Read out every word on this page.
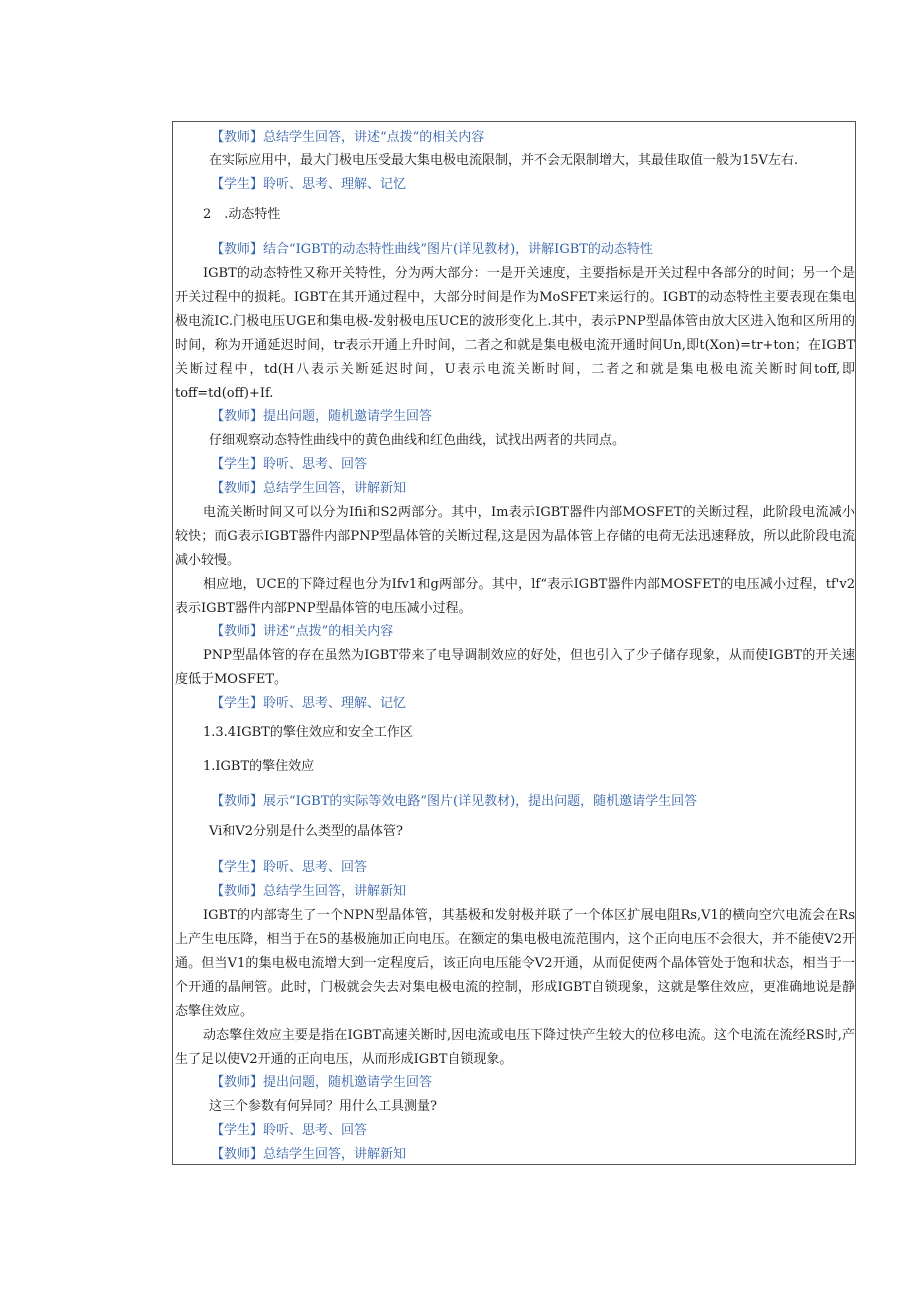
【教师】总结学生回答，讲述“点拨”的相关内容
在实际应用中，最大门极电压受最大集电极电流限制，并不会无限制增大，其最佳取值一般为15V左右.
【学生】聆听、思考、理解、记忆
2　.动态特性
【教师】结合“IGBT的动态特性曲线”图片(详见教材)，讲解IGBT的动态特性
IGBT的动态特性又称开关特性，分为两大部分：一是开关速度，主要指标是开关过程中各部分的时间；另一个是开关过程中的损耗。IGBT在其开通过程中，大部分时间是作为MoSFET来运行的。IGBT的动态特性主要表现在集电极电流IC.门极电压UGE和集电极-发射极电压UCE的波形变化上.其中，表示PNP型晶体管由放大区进入饱和区所用的时间，称为开通延迟时间，tr表示开通上升时间，二者之和就是集电极电流开通时间Un,即t(Xon)=tr+ton；在IGBT关断过程中，td(H八表示关断延迟时间，U表示电流关断时间，二者之和就是集电极电流关断时间toff,即toff=td(off)+If.
【教师】提出问题，随机邀请学生回答
仔细观察动态特性曲线中的黄色曲线和红色曲线，试找出两者的共同点。
【学生】聆听、思考、回答
【教师】总结学生回答，讲解新知
电流关断时间又可以分为Ifii和S2两部分。其中，Im表示IGBT器件内部MOSFET的关断过程，此阶段电流减小较快；而G表示IGBT器件内部PNP型晶体管的关断过程,这是因为晶体管上存储的电荷无法迅速释放，所以此阶段电流减小较慢。
相应地，UCE的下降过程也分为Ifv1和g两部分。其中，lf“表示IGBT器件内部MOSFET的电压减小过程，tf'v2表示IGBT器件内部PNP型晶体管的电压减小过程。
【教师】讲述“点拨”的相关内容
PNP型晶体管的存在虽然为IGBT带来了电导调制效应的好处，但也引入了少子储存现象，从而使IGBT的开关速度低于MOSFET。
【学生】聆听、思考、理解、记忆
1.3.4IGBT的擎住效应和安全工作区
1.IGBT的擎住效应
【教师】展示“IGBT的实际等效电路”图片(详见教材)，提出问题，随机邀请学生回答
Vi和V2分别是什么类型的晶体管?
【学生】聆听、思考、回答
【教师】总结学生回答，讲解新知
IGBT的内部寄生了一个NPN型晶体管，其基极和发射极并联了一个体区扩展电阻Rs,V1的横向空穴电流会在Rs上产生电压降，相当于在5的基极施加正向电压。在额定的集电极电流范围内，这个正向电压不会很大，并不能使V2开通。但当V1的集电极电流增大到一定程度后，该正向电压能令V2开通，从而促使两个晶体管处于饱和状态，相当于一个开通的晶闸管。此时，门极就会失去对集电极电流的控制，形成IGBT自锁现象，这就是擎住效应，更准确地说是静态擎住效应。
动态擎住效应主要是指在IGBT高速关断时,因电流或电压下降过快产生较大的位移电流。这个电流在流经RS时,产生了足以使V2开通的正向电压，从而形成IGBT自锁现象。
【教师】提出问题，随机邀请学生回答
这三个参数有何异同？用什么工具测量?
【学生】聆听、思考、回答
【教师】总结学生回答，讲解新知
